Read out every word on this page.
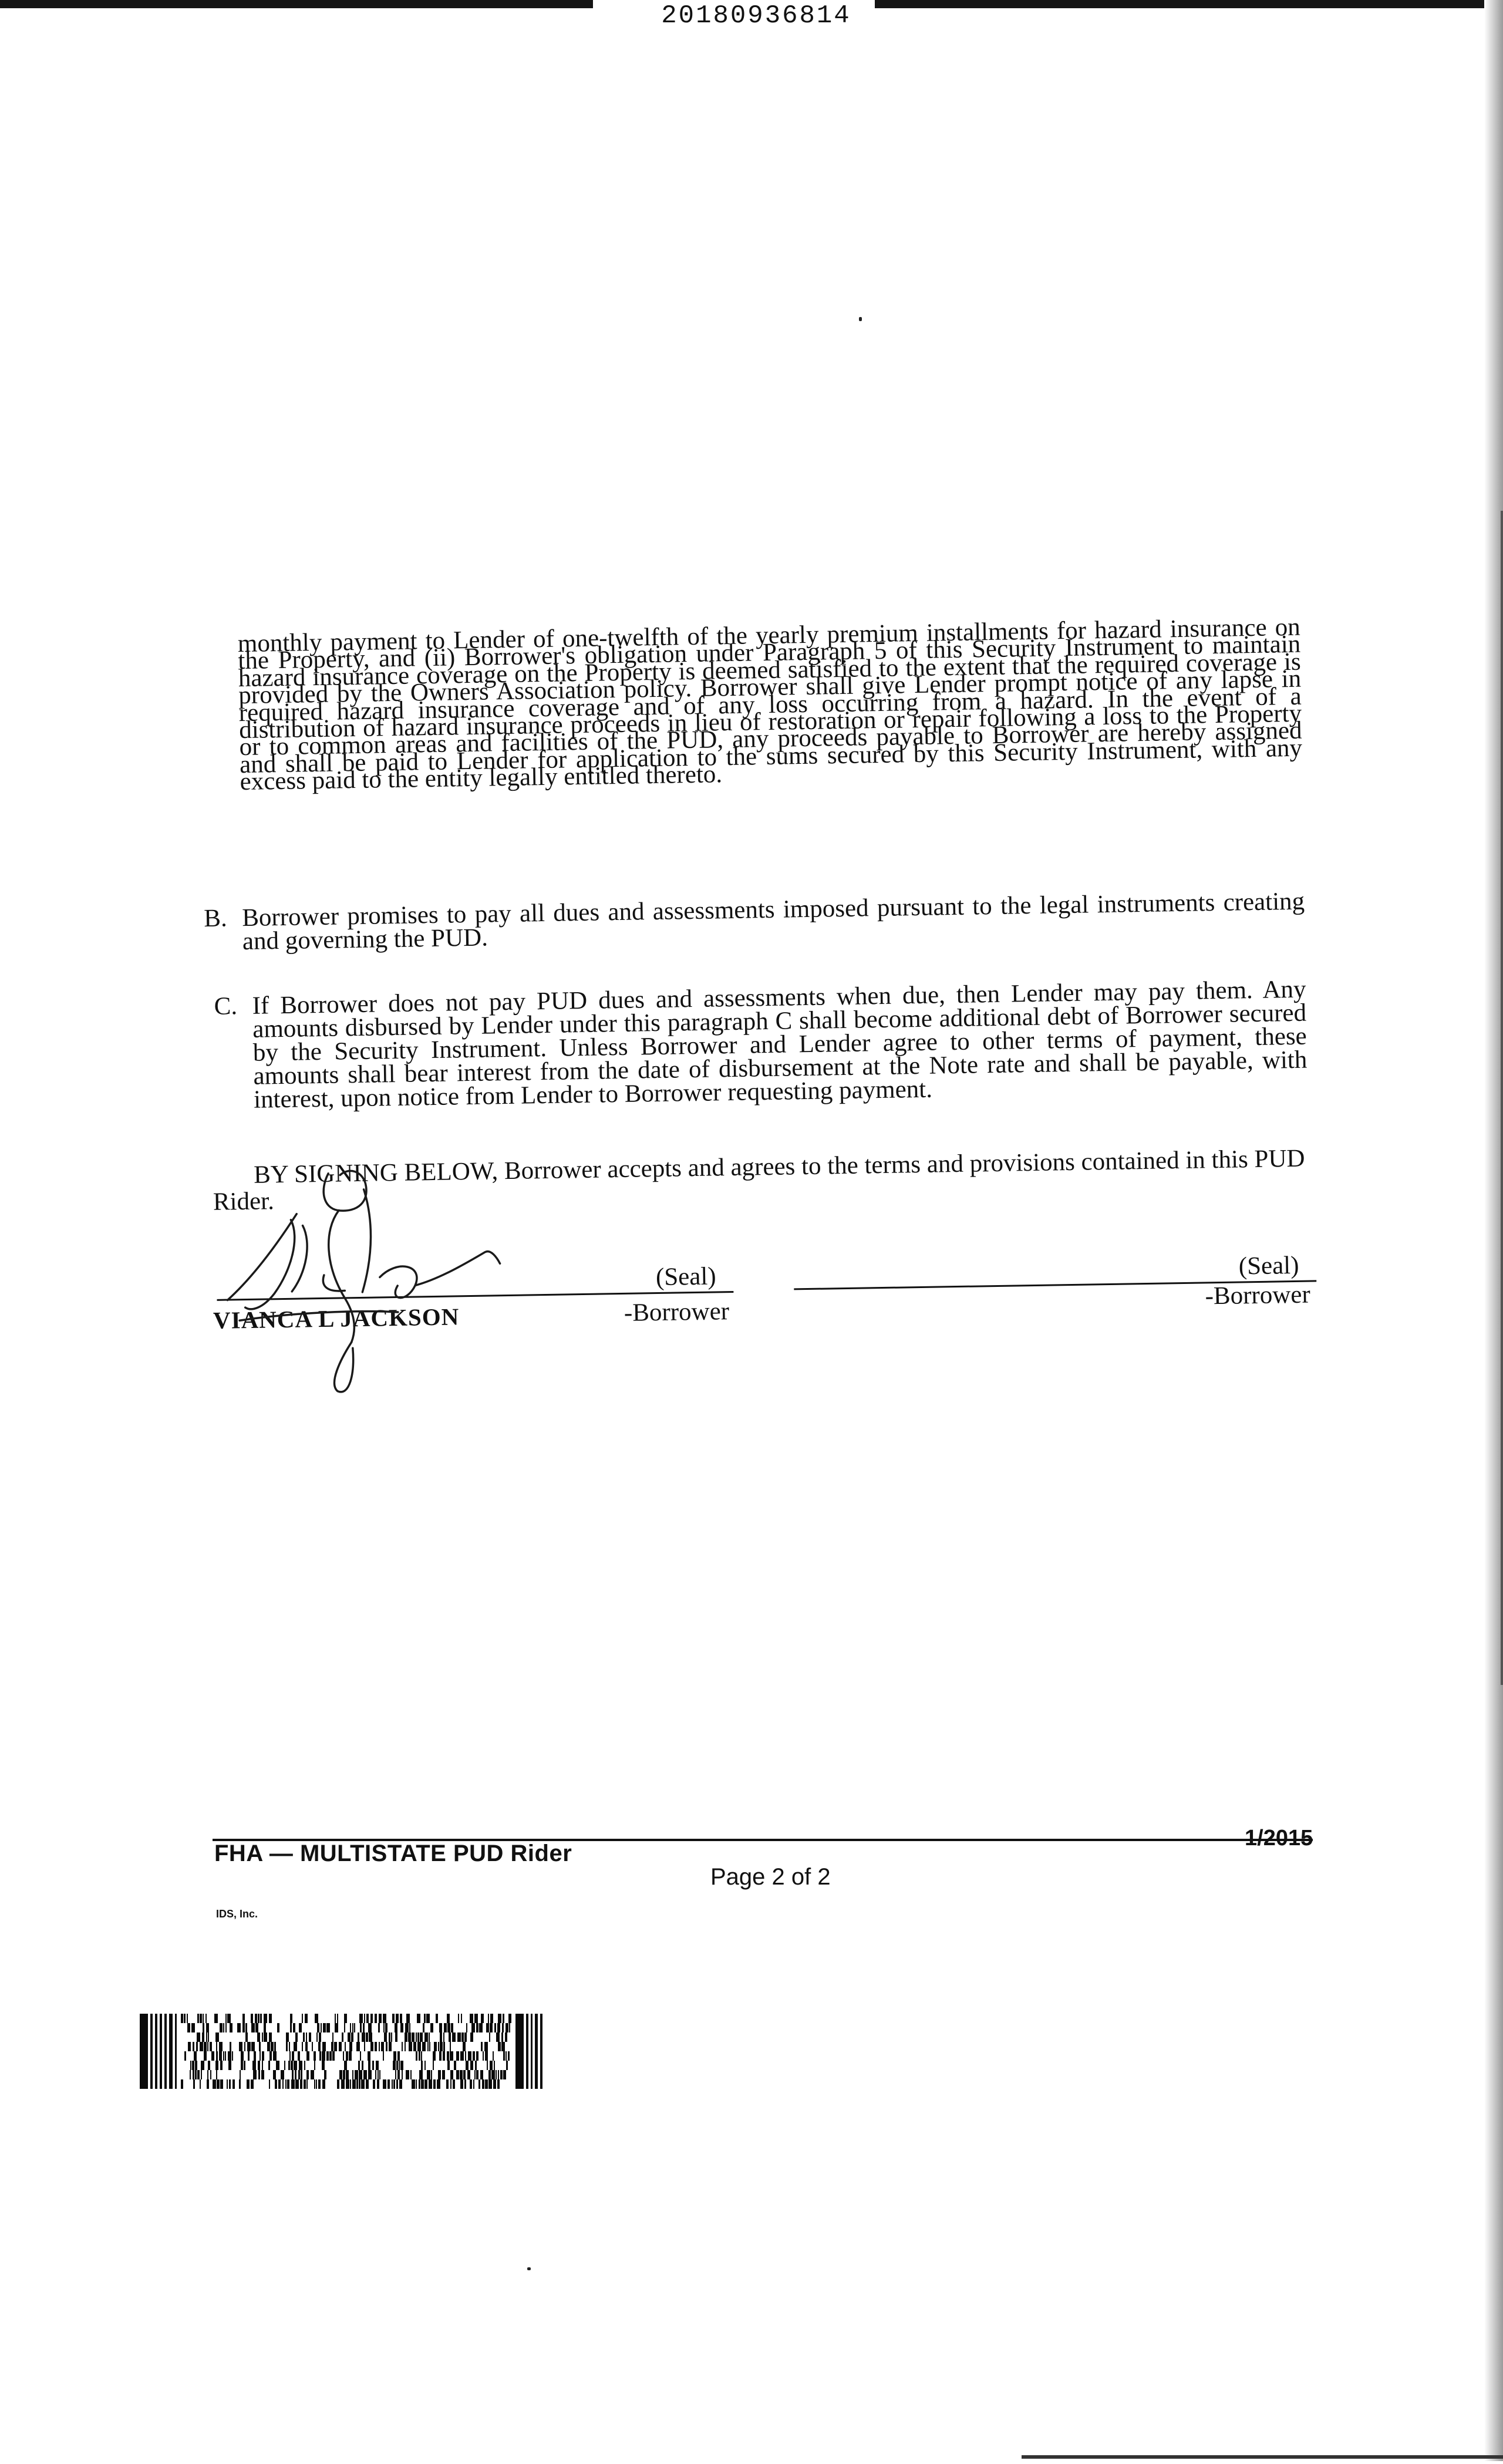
20180936814

monthly payment to Lender of one-twelfth of the yearly premium installments for hazard insurance on the Property, and (ii) Borrower's obligation under Paragraph 5 of this Security Instrument to maintain hazard insurance coverage on the Property is deemed satisfied to the extent that the required coverage is provided by the Owners Association policy. Borrower shall give Lender prompt notice of any lapse in required hazard insurance coverage and of any loss occurring from a hazard. In the event of a distribution of hazard insurance proceeds in lieu of restoration or repair following a loss to the Property or to common areas and facilities of the PUD, any proceeds payable to Borrower are hereby assigned and shall be paid to Lender for application to the sums secured by this Security Instrument, with any excess paid to the entity legally entitled thereto.

B. Borrower promises to pay all dues and assessments imposed pursuant to the legal instruments creating and governing the PUD.
C. If Borrower does not pay PUD dues and assessments when due, then Lender may pay them. Any amounts disbursed by Lender under this paragraph C shall become additional debt of Borrower secured by the Security Instrument. Unless Borrower and Lender agree to other terms of payment, these amounts shall bear interest from the date of disbursement at the Note rate and shall be payable, with interest, upon notice from Lender to Borrower requesting payment.

BY SIGNING BELOW, Borrower accepts and agrees to the terms and provisions contained in this PUD Rider.

(Seal)
VIANCA L JACKSON	-Borrower
(Seal)
-Borrower
FHA — MULTISTATE PUD Rider
1/2015
Page 2 of 2
IDS, Inc.
